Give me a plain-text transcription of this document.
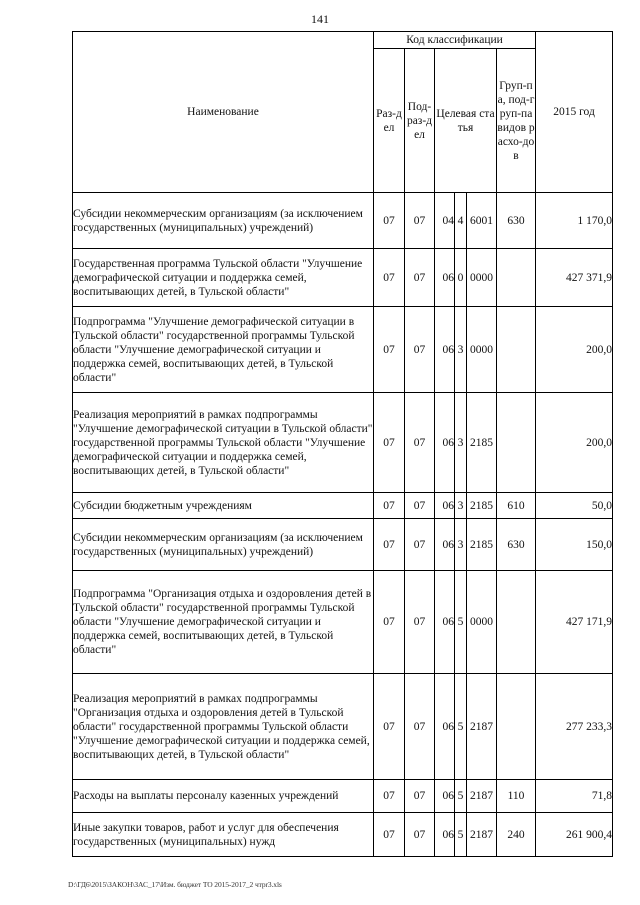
141
Наименование	Код классификации						2015 год
	Раз-дел	Под-раз-дел	Целевая статья			Груп-па, под-груп-па видов расхо-дов	
Субсидии некоммерческим организациям (за исключением государственных (муниципальных) учреждений)	07	07	04	4	6001	630	1 170,0
Государственная программа Тульской области "Улучшение демографической ситуации и поддержка семей, воспитывающих детей, в Тульской области"	07	07	06	0	0000		427 371,9
Подпрограмма "Улучшение демографической ситуации в Тульской области" государственной программы Тульской области "Улучшение демографической ситуации и поддержка семей, воспитывающих детей, в Тульской области"	07	07	06	3	0000		200,0
Реализация мероприятий в рамках подпрограммы "Улучшение демографической ситуации в Тульской области" государственной программы Тульской области "Улучшение демографической ситуации и поддержка семей, воспитывающих детей, в Тульской области"	07	07	06	3	2185		200,0
Субсидии бюджетным учреждениям	07	07	06	3	2185	610	50,0
Субсидии некоммерческим организациям (за исключением государственных (муниципальных) учреждений)	07	07	06	3	2185	630	150,0
Подпрограмма "Организация отдыха и оздоровления детей в Тульской области" государственной программы Тульской области "Улучшение демографической ситуации и поддержка семей, воспитывающих детей, в Тульской области"	07	07	06	5	0000		427 171,9
Реализация мероприятий в рамках подпрограммы "Организация отдыха и оздоровления детей в Тульской области" государственной программы Тульской области "Улучшение демографической ситуации и поддержка семей, воспитывающих детей, в Тульской области"	07	07	06	5	2187		277 233,3
Расходы на выплаты персоналу казенных учреждений	07	07	06	5	2187	110	71,8
Иные закупки товаров, работ и услуг для обеспечения государственных (муниципальных) нужд	07	07	06	5	2187	240	261 900,4
D:\ГД6\2015\ЗАКОН\ЗАС_17\Изм. бюджет ТО 2015-2017_2 чтpr3.xls
